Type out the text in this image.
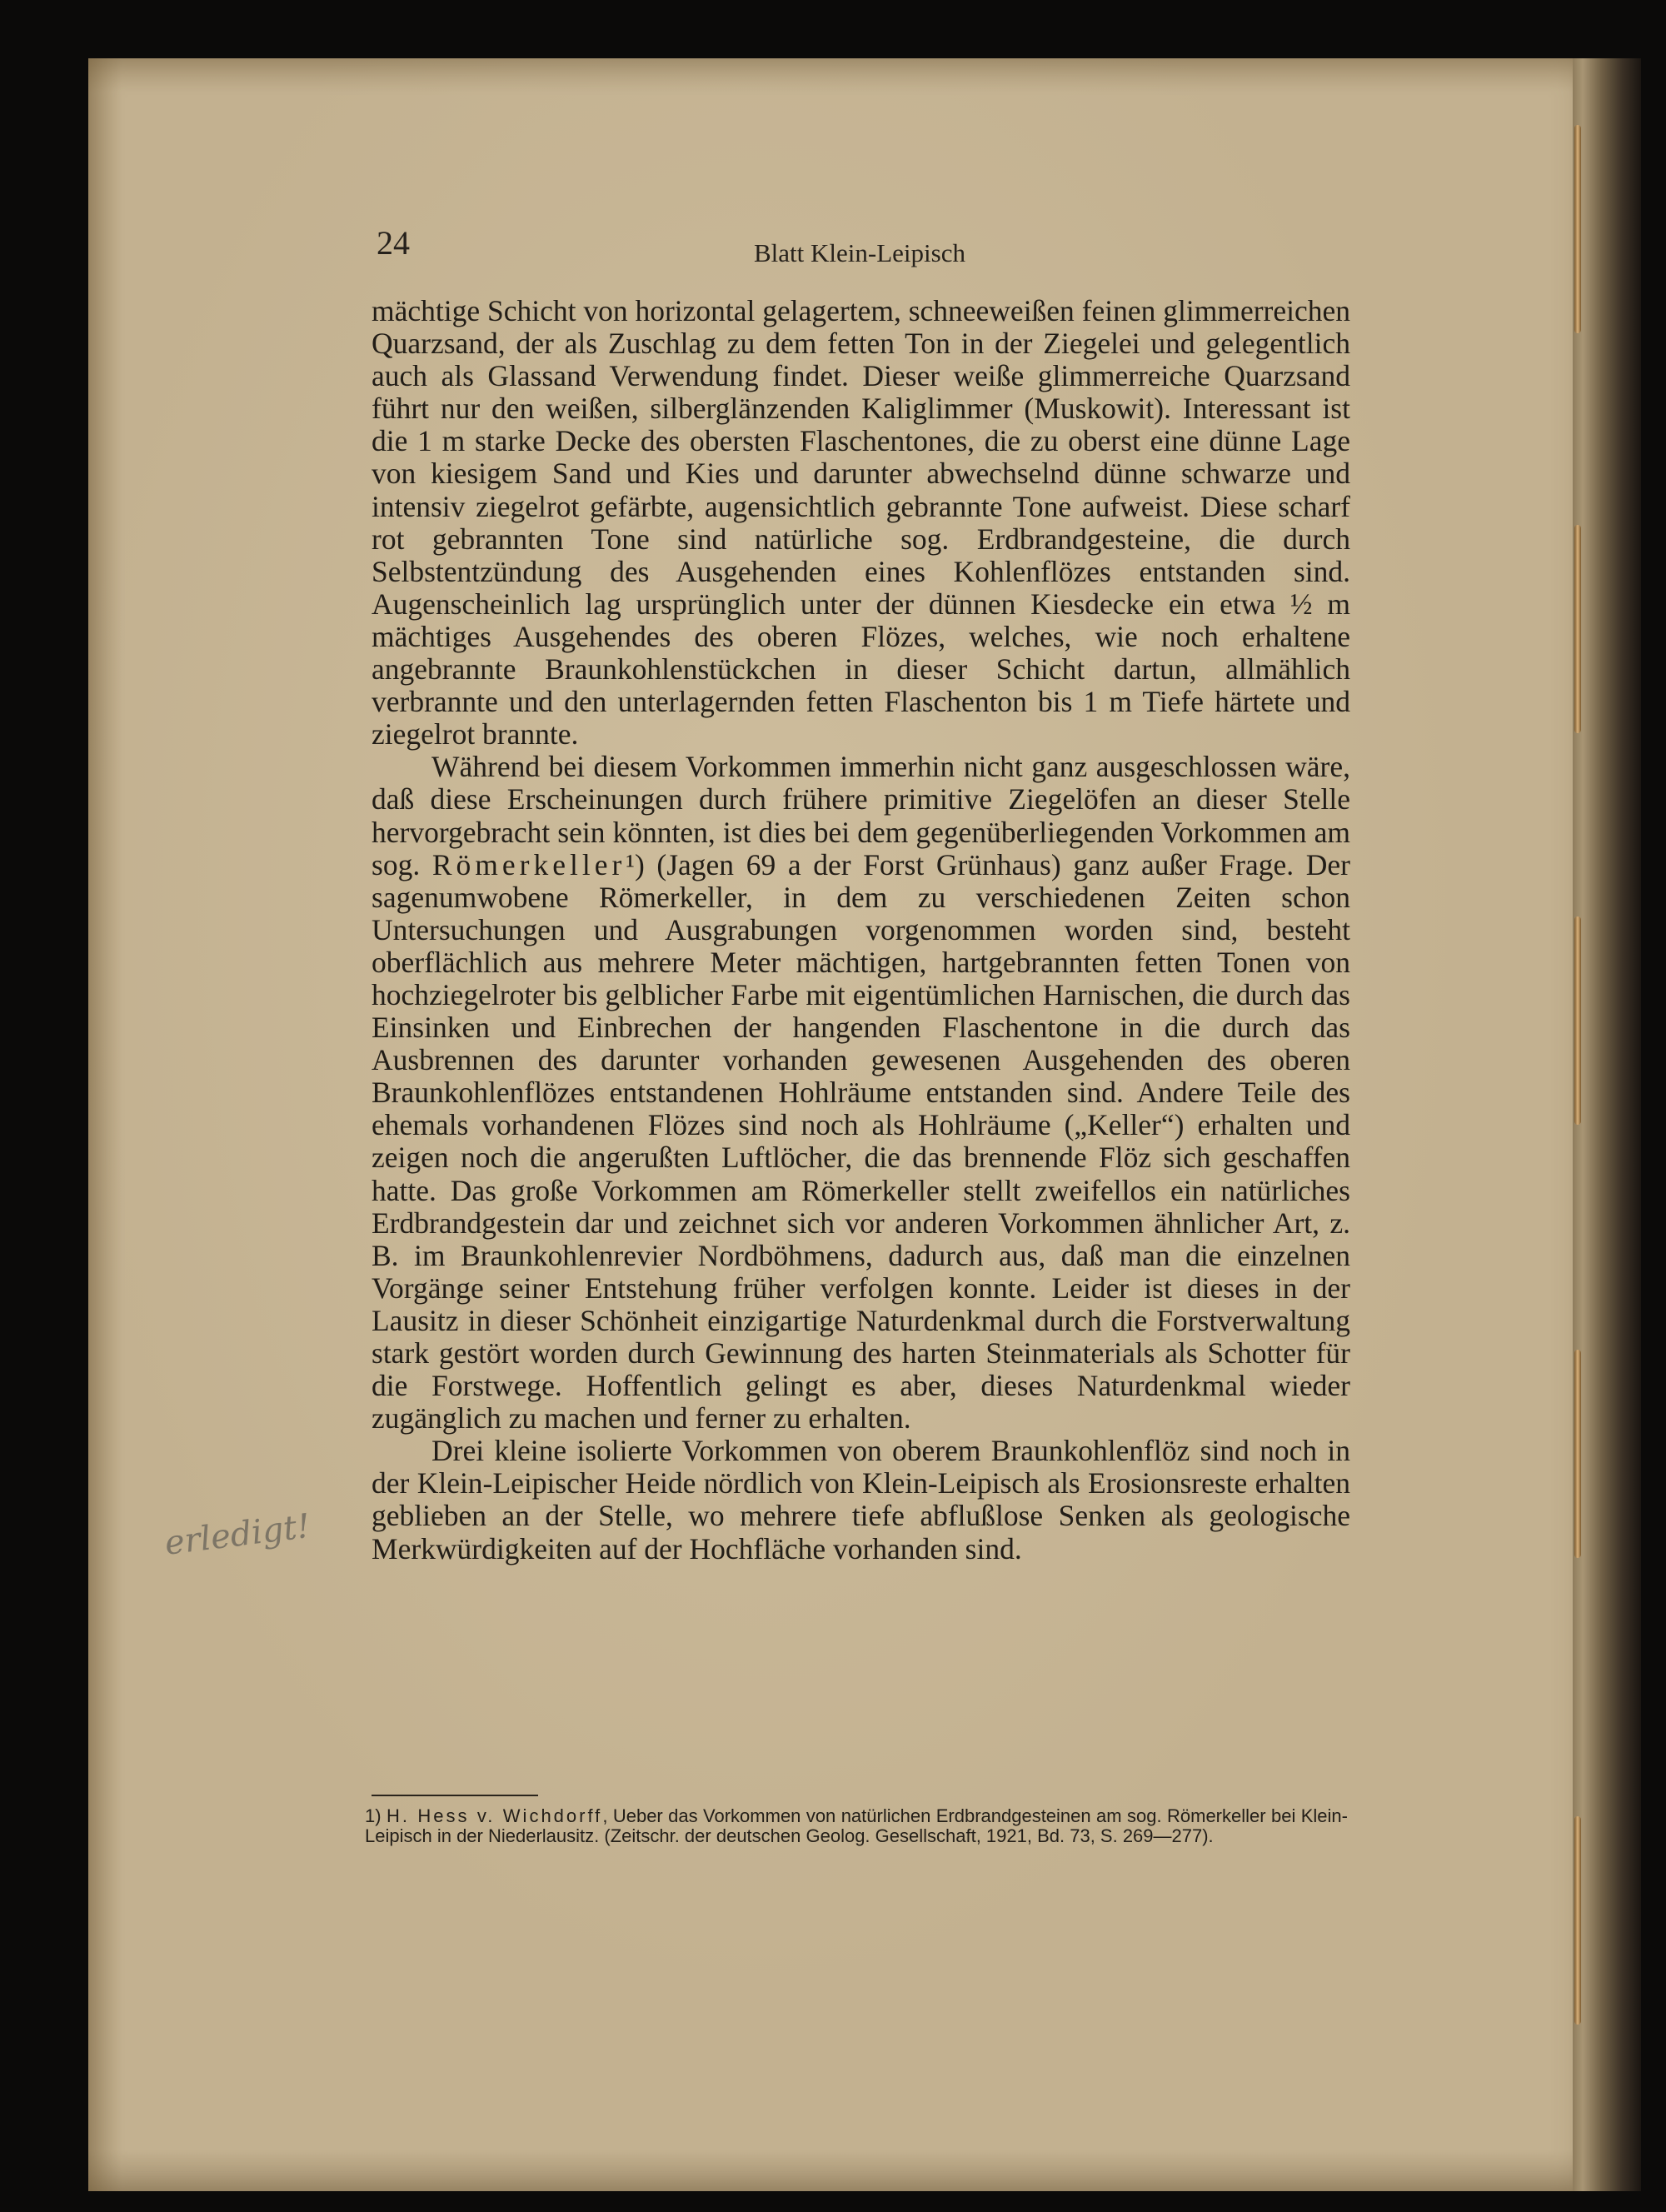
24	Blatt Klein-Leipisch

mächtige Schicht von horizontal gelagertem, schneeweißen feinen glimmerreichen Quarzsand, der als Zuschlag zu dem fetten Ton in der Ziegelei und gelegentlich auch als Glassand Verwendung findet. Dieser weiße glimmerreiche Quarzsand führt nur den weißen, silberglänzenden Kaliglimmer (Muskowit). Interessant ist die 1 m starke Decke des obersten Flaschentones, die zu oberst eine dünne Lage von kiesigem Sand und Kies und darunter abwechselnd dünne schwarze und intensiv ziegelrot gefärbte, augensichtlich gebrannte Tone aufweist. Diese scharf rot gebrannten Tone sind natürliche sog. Erdbrandgesteine, die durch Selbstentzündung des Ausgehenden eines Kohlenflözes entstanden sind. Augenscheinlich lag ursprünglich unter der dünnen Kiesdecke ein etwa ½ m mächtiges Ausgehendes des oberen Flözes, welches, wie noch erhaltene angebrannte Braunkohlenstückchen in dieser Schicht dartun, allmählich verbrannte und den unterlagernden fetten Flaschenton bis 1 m Tiefe härtete und ziegelrot brannte.

Während bei diesem Vorkommen immerhin nicht ganz ausgeschlossen wäre, daß diese Erscheinungen durch frühere primitive Ziegelöfen an dieser Stelle hervorgebracht sein könnten, ist dies bei dem gegenüberliegenden Vorkommen am sog. Römerkeller¹) (Jagen 69 a der Forst Grünhaus) ganz außer Frage. Der sagenumwobene Römerkeller, in dem zu verschiedenen Zeiten schon Untersuchungen und Ausgrabungen vorgenommen worden sind, besteht oberflächlich aus mehrere Meter mächtigen, hartgebrannten fetten Tonen von hochziegelroter bis gelblicher Farbe mit eigentümlichen Harnischen, die durch das Einsinken und Einbrechen der hangenden Flaschentone in die durch das Ausbrennen des darunter vorhanden gewesenen Ausgehenden des oberen Braunkohlenflözes entstandenen Hohlräume entstanden sind. Andere Teile des ehemals vorhandenen Flözes sind noch als Hohlräume („Keller“) erhalten und zeigen noch die angerußten Luftlöcher, die das brennende Flöz sich geschaffen hatte. Das große Vorkommen am Römerkeller stellt zweifellos ein natürliches Erdbrandgestein dar und zeichnet sich vor anderen Vorkommen ähnlicher Art, z. B. im Braunkohlenrevier Nordböhmens, dadurch aus, daß man die einzelnen Vorgänge seiner Entstehung früher verfolgen konnte. Leider ist dieses in der Lausitz in dieser Schönheit einzigartige Naturdenkmal durch die Forstverwaltung stark gestört worden durch Gewinnung des harten Steinmaterials als Schotter für die Forstwege. Hoffentlich gelingt es aber, dieses Naturdenkmal wieder zugänglich zu machen und ferner zu erhalten.

Drei kleine isolierte Vorkommen von oberem Braunkohlenflöz sind noch in der Klein-Leipischer Heide nördlich von Klein-Leipisch als Erosionsreste erhalten geblieben an der Stelle, wo mehrere tiefe abflußlose Senken als geologische Merkwürdigkeiten auf der Hochfläche vorhanden sind.

1) H. Hess v. Wichdorff, Ueber das Vorkommen von natürlichen Erdbrandgesteinen am sog. Römerkeller bei Klein-Leipisch in der Niederlausitz. (Zeitschr. der deutschen Geolog. Gesellschaft, 1921, Bd. 73, S. 269—277).
erledigt!
